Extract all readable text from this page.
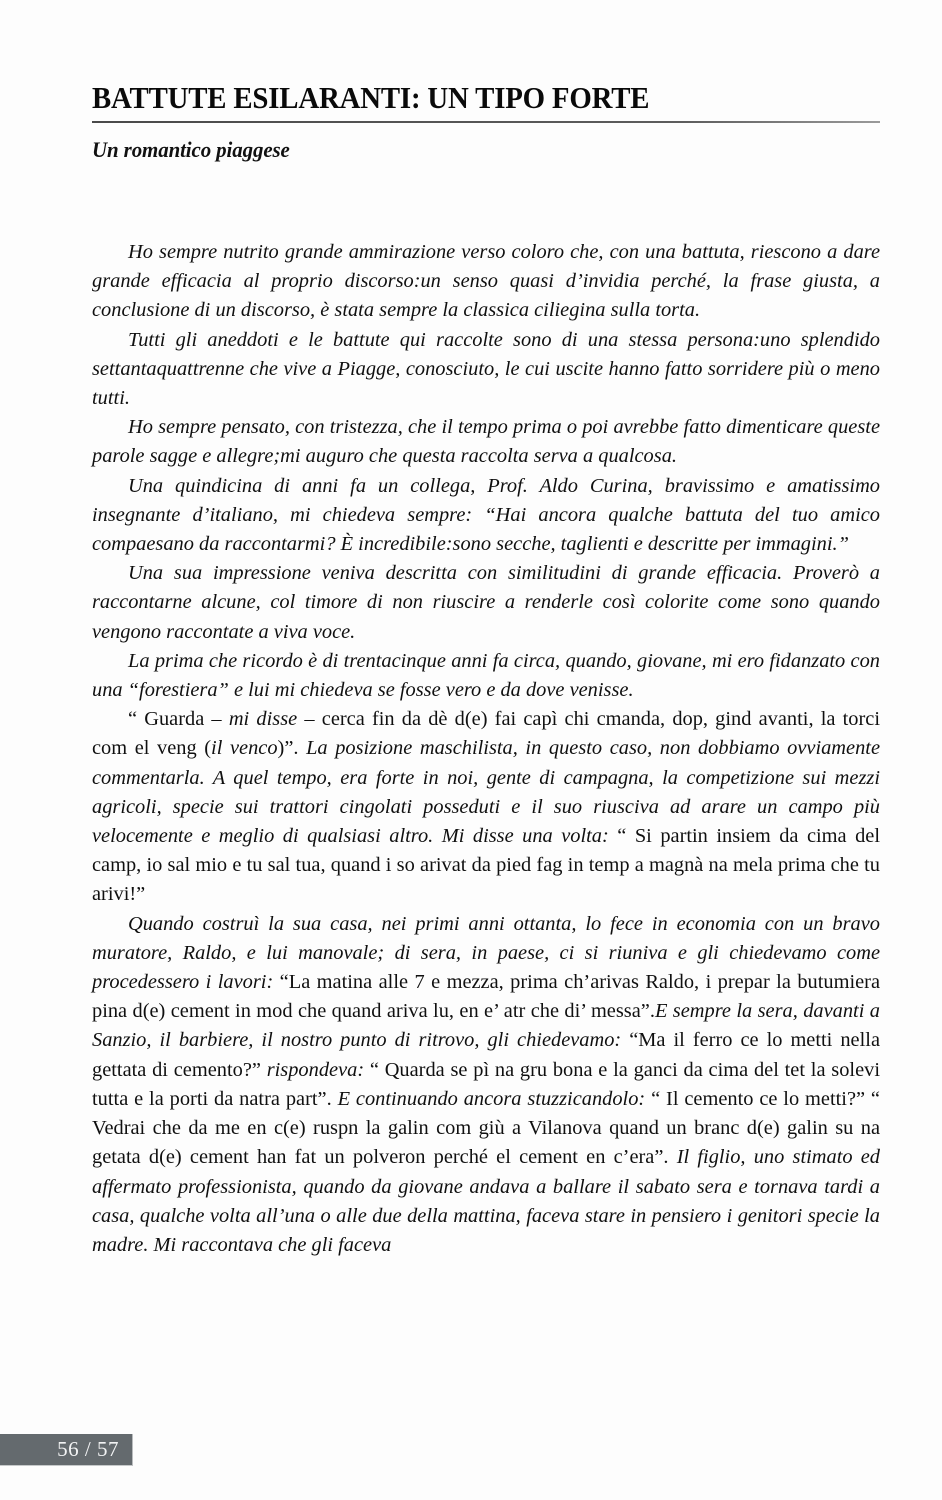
BATTUTE ESILARANTI: UN TIPO FORTE
Un romantico piaggese

Ho sempre nutrito grande ammirazione verso coloro che, con una battuta, riescono a dare grande efficacia al proprio discorso:un senso quasi d’invidia perché, la frase giusta, a conclusione di un discorso, è stata sempre la classica ciliegina sulla torta.

Tutti gli aneddoti e le battute qui raccolte sono di una stessa persona:uno splendido settantaquattrenne che vive a Piagge, conosciuto, le cui uscite hanno fatto sorridere più o meno tutti.

Ho sempre pensato, con tristezza, che il tempo prima o poi avrebbe fatto dimenticare queste parole sagge e allegre;mi auguro che questa raccolta serva a qualcosa.

Una quindicina di anni fa un collega, Prof. Aldo Curina, bravissimo e amatissimo insegnante d’italiano, mi chiedeva sempre: “Hai ancora qualche battuta del tuo amico compaesano da raccontarmi? È incredibile:sono secche, taglienti e descritte per immagini.”

Una sua impressione veniva descritta con similitudini di grande efficacia. Proverò a raccontarne alcune, col timore di non riuscire a renderle così colorite come sono quando vengono raccontate a viva voce.

La prima che ricordo è di trentacinque anni fa circa, quando, giovane, mi ero fidanzato con una “forestiera” e lui mi chiedeva se fosse vero e da dove venisse.

“ Guarda – mi disse – cerca fin da dè d(e) fai capì chi cmanda, dop, gind avanti, la torci com el veng (il venco)”. La posizione maschilista, in questo caso, non dobbiamo ovviamente commentarla. A quel tempo, era forte in noi, gente di campagna, la competizione sui mezzi agricoli, specie sui trattori cingolati posseduti e il suo riusciva ad arare un campo più velocemente e meglio di qualsiasi altro. Mi disse una volta: “ Si partin insiem da cima del camp, io sal mio e tu sal tua, quand i so arivat da pied fag in temp a magnà na mela prima che tu arivi!”

Quando costruì la sua casa, nei primi anni ottanta, lo fece in economia con un bravo muratore, Raldo, e lui manovale; di sera, in paese, ci si riuniva e gli chiedevamo come procedessero i lavori: “La matina alle 7 e mezza, prima ch’arivas Raldo, i prepar la butumiera pina d(e) cement in mod che quand ariva lu, en e’ atr che di’ messa”.E sempre la sera, davanti a Sanzio, il barbiere, il nostro punto di ritrovo, gli chiedevamo: “Ma il ferro ce lo metti nella gettata di cemento?” rispondeva: “ Quarda se pì na gru bona e la ganci da cima del tet la solevi tutta e la porti da natra part”. E continuando ancora stuzzicandolo: “ Il cemento ce lo metti?” “ Vedrai che da me en c(e) ruspn la galin com giù a Vilanova quand un branc d(e) galin su na getata d(e) cement han fat un polveron perché el cement en c’era”. Il figlio, uno stimato ed affermato professionista, quando da giovane andava a ballare il sabato sera e tornava tardi a casa, qualche volta all’una o alle due della mattina, faceva stare in pensiero i genitori specie la madre. Mi raccontava che gli faceva

56 / 57
